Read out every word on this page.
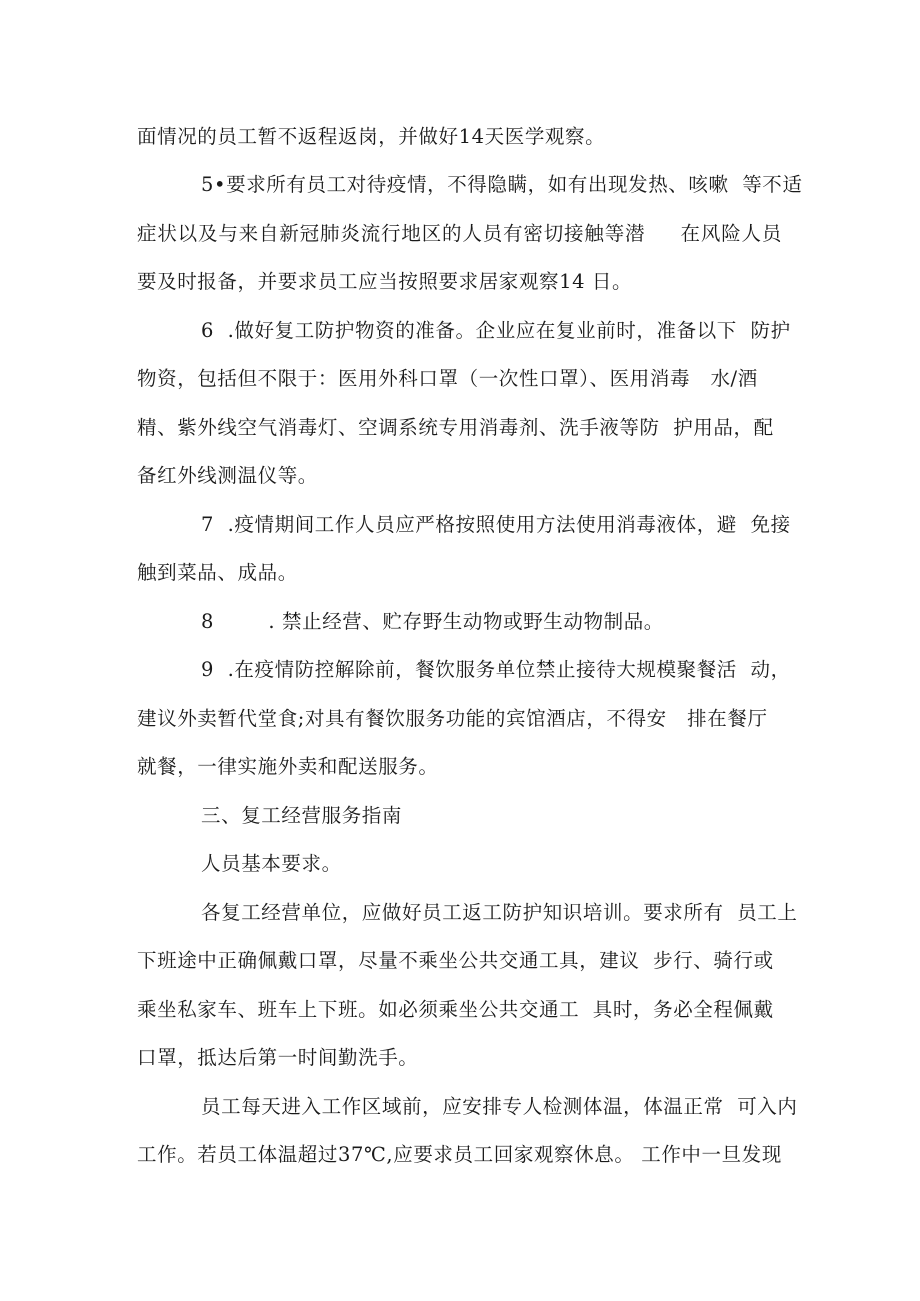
面情况的员工暂不返程返岗，并做好14天医学观察。
5•要求所有员工对待疫情，不得隐瞒，如有出现发热、咳嗽  等不适
症状以及与来自新冠肺炎流行地区的人员有密切接触等潜     在风险人员
要及时报备，并要求员工应当按照要求居家观察14 日。
6  .做好复工防护物资的准备。企业应在复业前时，准备以下  防护
物资，包括但不限于：医用外科口罩（一次性口罩）、医用消毒   水/酒
精、紫外线空气消毒灯、空调系统专用消毒剂、洗手液等防  护用品，配
备红外线测温仪等。
7  .疫情期间工作人员应严格按照使用方法使用消毒液体，避  免接
触到菜品、成品。
8        . 禁止经营、贮存野生动物或野生动物制品。
9  .在疫情防控解除前，餐饮服务单位禁止接待大规模聚餐活  动，
建议外卖暂代堂食;对具有餐饮服务功能的宾馆酒店，不得安   排在餐厅
就餐，一律实施外卖和配送服务。
三、复工经营服务指南
人员基本要求。
各复工经营单位，应做好员工返工防护知识培训。要求所有  员工上
下班途中正确佩戴口罩，尽量不乘坐公共交通工具，建议  步行、骑行或
乘坐私家车、班车上下班。如必须乘坐公共交通工  具时，务必全程佩戴
口罩，抵达后第一时间勤洗手。
员工每天进入工作区域前，应安排专人检测体温，体温正常  可入内
工作。若员工体温超过37℃,应要求员工回家观察休息。 工作中一旦发现
